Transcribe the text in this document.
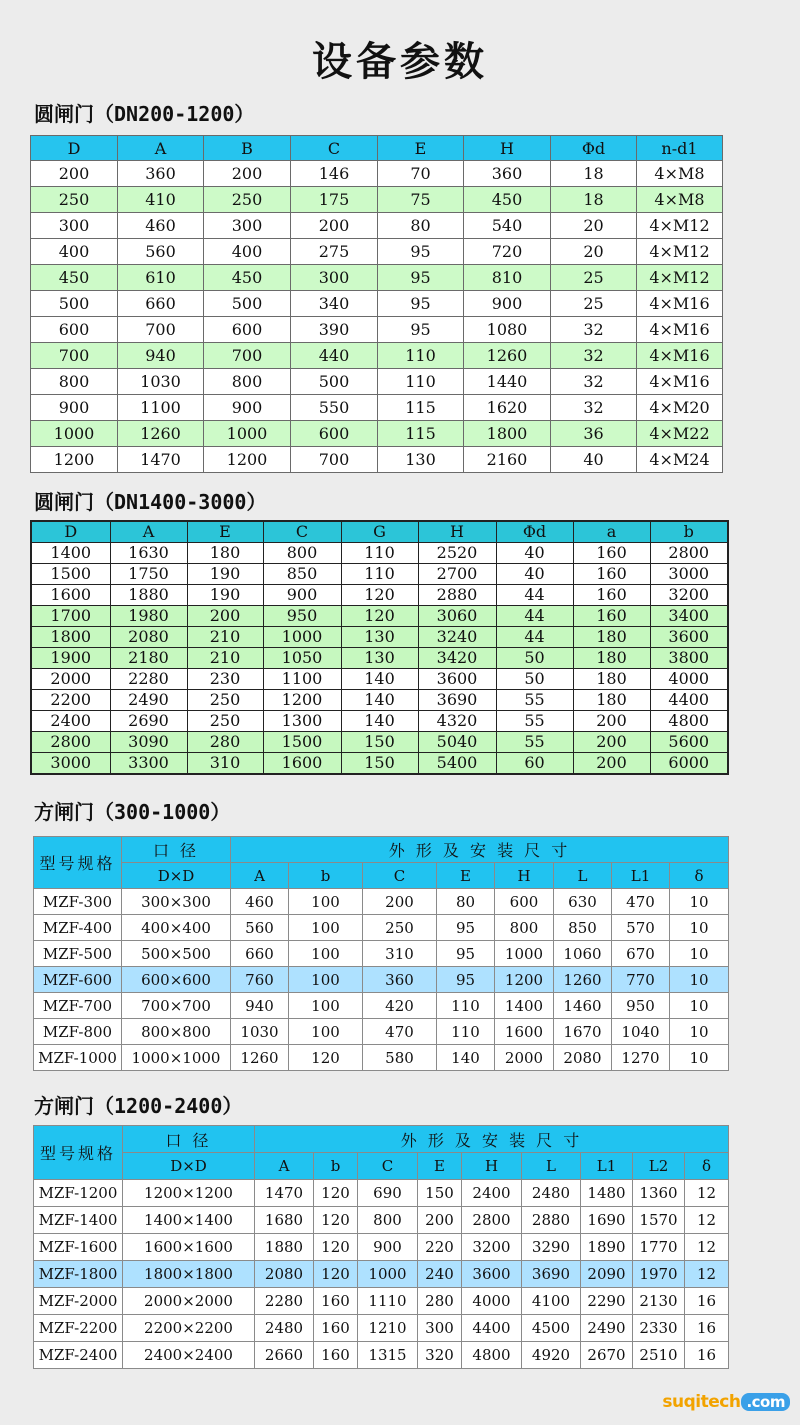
设备参数
圆闸门（DN200-1200）
D	A	B	C	E	H	Φd	n-d1
200	360	200	146	70	360	18	4×M8
250	410	250	175	75	450	18	4×M8
300	460	300	200	80	540	20	4×M12
400	560	400	275	95	720	20	4×M12
450	610	450	300	95	810	25	4×M12
500	660	500	340	95	900	25	4×M16
600	700	600	390	95	1080	32	4×M16
700	940	700	440	110	1260	32	4×M16
800	1030	800	500	110	1440	32	4×M16
900	1100	900	550	115	1620	32	4×M20
1000	1260	1000	600	115	1800	36	4×M22
1200	1470	1200	700	130	2160	40	4×M24
圆闸门（DN1400-3000）
D	A	E	C	G	H	Φd	a	b
1400	1630	180	800	110	2520	40	160	2800
1500	1750	190	850	110	2700	40	160	3000
1600	1880	190	900	120	2880	44	160	3200
1700	1980	200	950	120	3060	44	160	3400
1800	2080	210	1000	130	3240	44	180	3600
1900	2180	210	1050	130	3420	50	180	3800
2000	2280	230	1100	140	3600	50	180	4000
2200	2490	250	1200	140	3690	55	180	4400
2400	2690	250	1300	140	4320	55	200	4800
2800	3090	280	1500	150	5040	55	200	5600
3000	3300	310	1600	150	5400	60	200	6000
方闸门（300-1000）
型号规格	口 径	外 形 及 安 装 尺 寸							
	D×D	A	b	C	E	H	L	L1	δ
MZF-300	300×300	460	100	200	80	600	630	470	10
MZF-400	400×400	560	100	250	95	800	850	570	10
MZF-500	500×500	660	100	310	95	1000	1060	670	10
MZF-600	600×600	760	100	360	95	1200	1260	770	10
MZF-700	700×700	940	100	420	110	1400	1460	950	10
MZF-800	800×800	1030	100	470	110	1600	1670	1040	10
MZF-1000	1000×1000	1260	120	580	140	2000	2080	1270	10
方闸门（1200-2400）
型号规格	口 径	外 形 及 安 装 尺 寸								
	D×D	A	b	C	E	H	L	L1	L2	δ
MZF-1200	1200×1200	1470	120	690	150	2400	2480	1480	1360	12
MZF-1400	1400×1400	1680	120	800	200	2800	2880	1690	1570	12
MZF-1600	1600×1600	1880	120	900	220	3200	3290	1890	1770	12
MZF-1800	1800×1800	2080	120	1000	240	3600	3690	2090	1970	12
MZF-2000	2000×2000	2280	160	1110	280	4000	4100	2290	2130	16
MZF-2200	2200×2200	2480	160	1210	300	4400	4500	2490	2330	16
MZF-2400	2400×2400	2660	160	1315	320	4800	4920	2670	2510	16
suqitech .com
